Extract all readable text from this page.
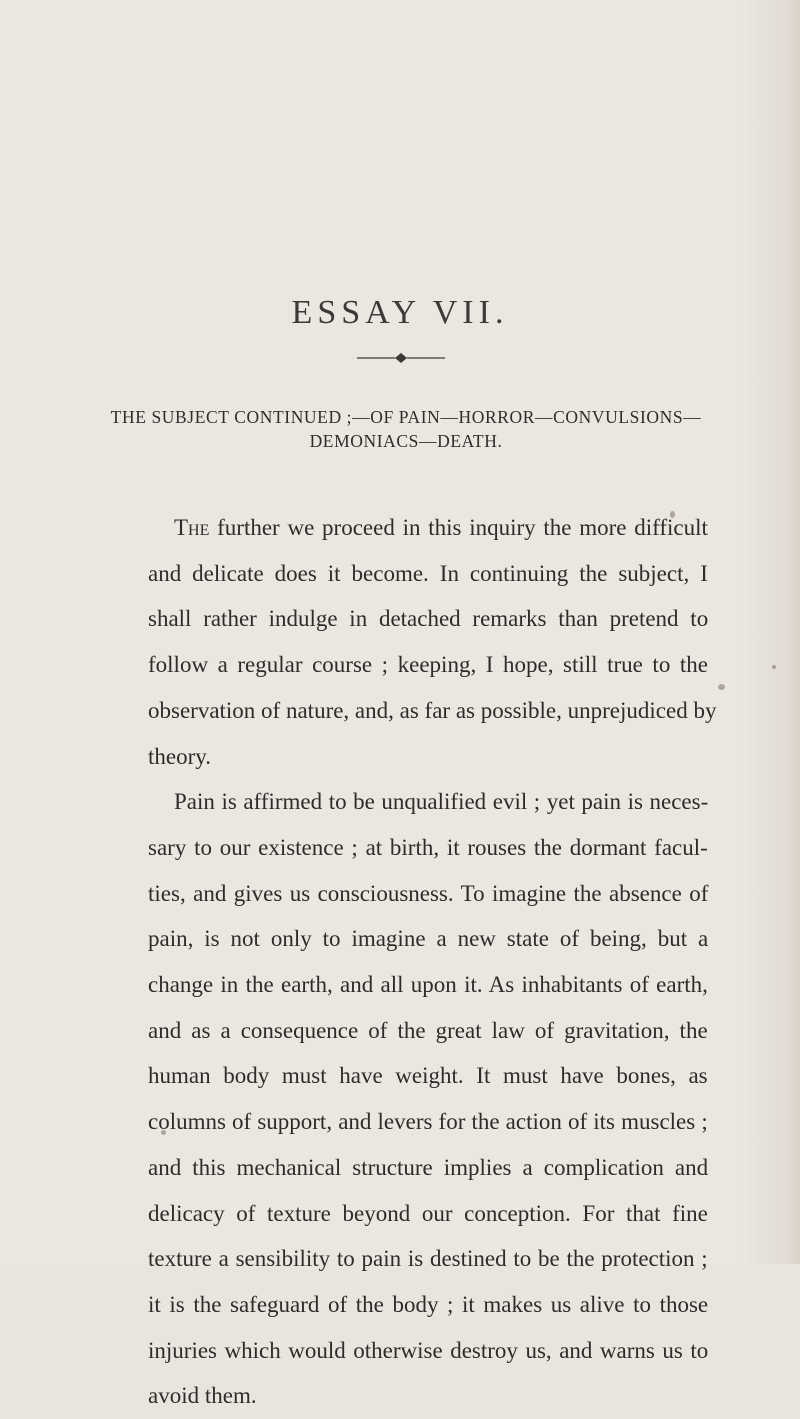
ESSAY VII.
THE SUBJECT CONTINUED ;—OF PAIN—HORROR—CONVULSIONS—
DEMONIACS—DEATH.
The further we proceed in this inquiry the more difficult
and delicate does it become. In continuing the subject, I
shall rather indulge in detached remarks than pretend to
follow a regular course ; keeping, I hope, still true to the
observation of nature, and, as far as possible, unprejudiced by
theory.
Pain is affirmed to be unqualified evil ; yet pain is neces-
sary to our existence ; at birth, it rouses the dormant facul-
ties, and gives us consciousness. To imagine the absence of
pain, is not only to imagine a new state of being, but a
change in the earth, and all upon it. As inhabitants of earth,
and as a consequence of the great law of gravitation, the
human body must have weight. It must have bones, as
columns of support, and levers for the action of its muscles ;
and this mechanical structure implies a complication and
delicacy of texture beyond our conception. For that fine
texture a sensibility to pain is destined to be the protection ;
it is the safeguard of the body ; it makes us alive to those
injuries which would otherwise destroy us, and warns us to
avoid them.
